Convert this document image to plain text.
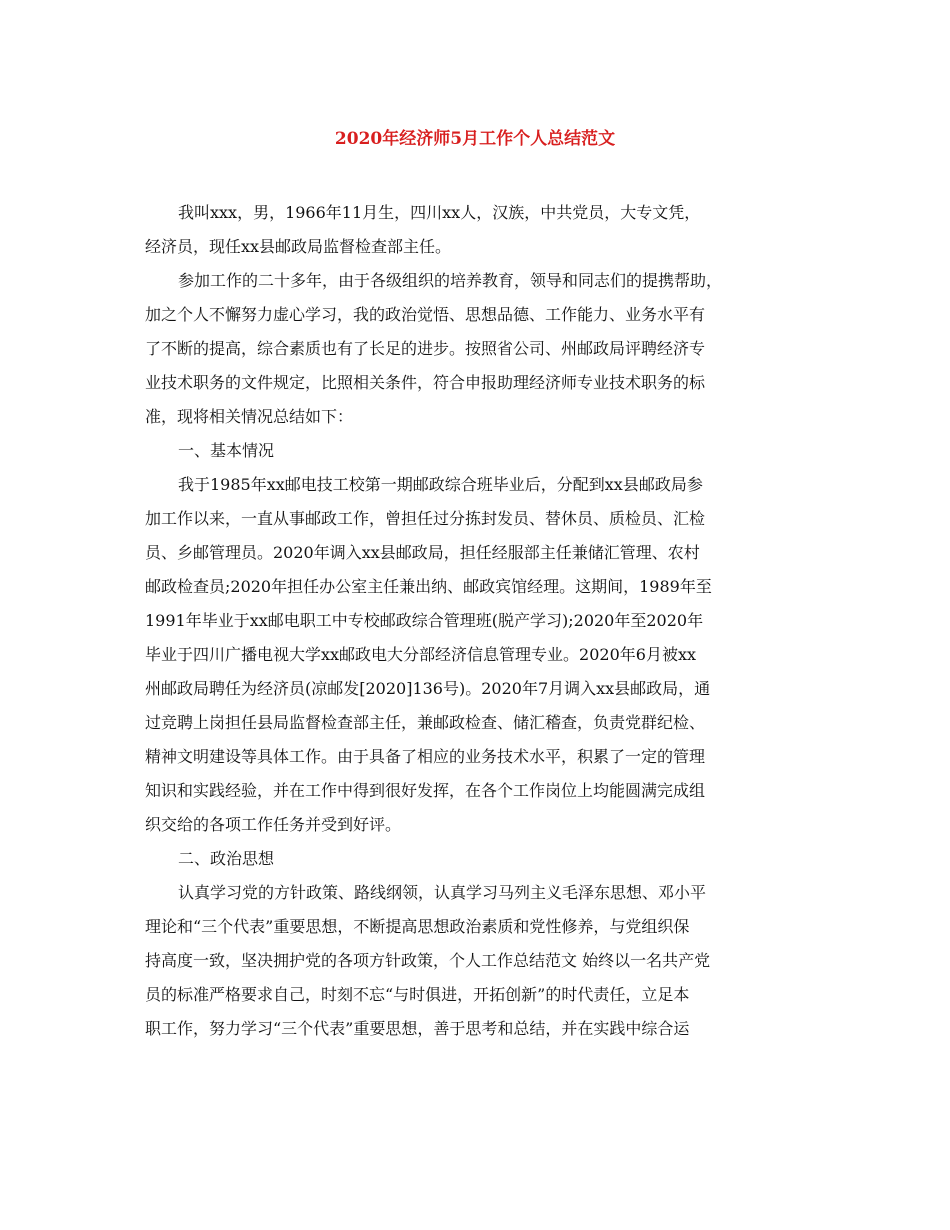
2020年经济师5月工作个人总结范文
我叫xxx，男，1966年11月生，四川xx人，汉族，中共党员，大专文凭，
经济员，现任xx县邮政局监督检查部主任。
参加工作的二十多年，由于各级组织的培养教育，领导和同志们的提携帮助，
加之个人不懈努力虚心学习，我的政治觉悟、思想品德、工作能力、业务水平有
了不断的提高，综合素质也有了长足的进步。按照省公司、州邮政局评聘经济专
业技术职务的文件规定，比照相关条件，符合申报助理经济师专业技术职务的标
准，现将相关情况总结如下：
一、基本情况
我于1985年xx邮电技工校第一期邮政综合班毕业后，分配到xx县邮政局参
加工作以来，一直从事邮政工作，曾担任过分拣封发员、替休员、质检员、汇检
员、乡邮管理员。2020年调入xx县邮政局，担任经服部主任兼储汇管理、农村
邮政检查员;2020年担任办公室主任兼出纳、邮政宾馆经理。这期间，1989年至
1991年毕业于xx邮电职工中专校邮政综合管理班(脱产学习);2020年至2020年
毕业于四川广播电视大学xx邮政电大分部经济信息管理专业。2020年6月被xx
州邮政局聘任为经济员(凉邮发[2020]136号)。2020年7月调入xx县邮政局，通
过竞聘上岗担任县局监督检查部主任，兼邮政检查、储汇稽查，负责党群纪检、
精神文明建设等具体工作。由于具备了相应的业务技术水平，积累了一定的管理
知识和实践经验，并在工作中得到很好发挥，在各个工作岗位上均能圆满完成组
织交给的各项工作任务并受到好评。
二、政治思想
认真学习党的方针政策、路线纲领，认真学习马列主义毛泽东思想、邓小平
理论和“三个代表”重要思想，不断提高思想政治素质和党性修养，与党组织保
持高度一致，坚决拥护党的各项方针政策，个人工作总结范文 始终以一名共产党
员的标准严格要求自己，时刻不忘“与时俱进，开拓创新”的时代责任，立足本
职工作，努力学习“三个代表”重要思想，善于思考和总结，并在实践中综合运
